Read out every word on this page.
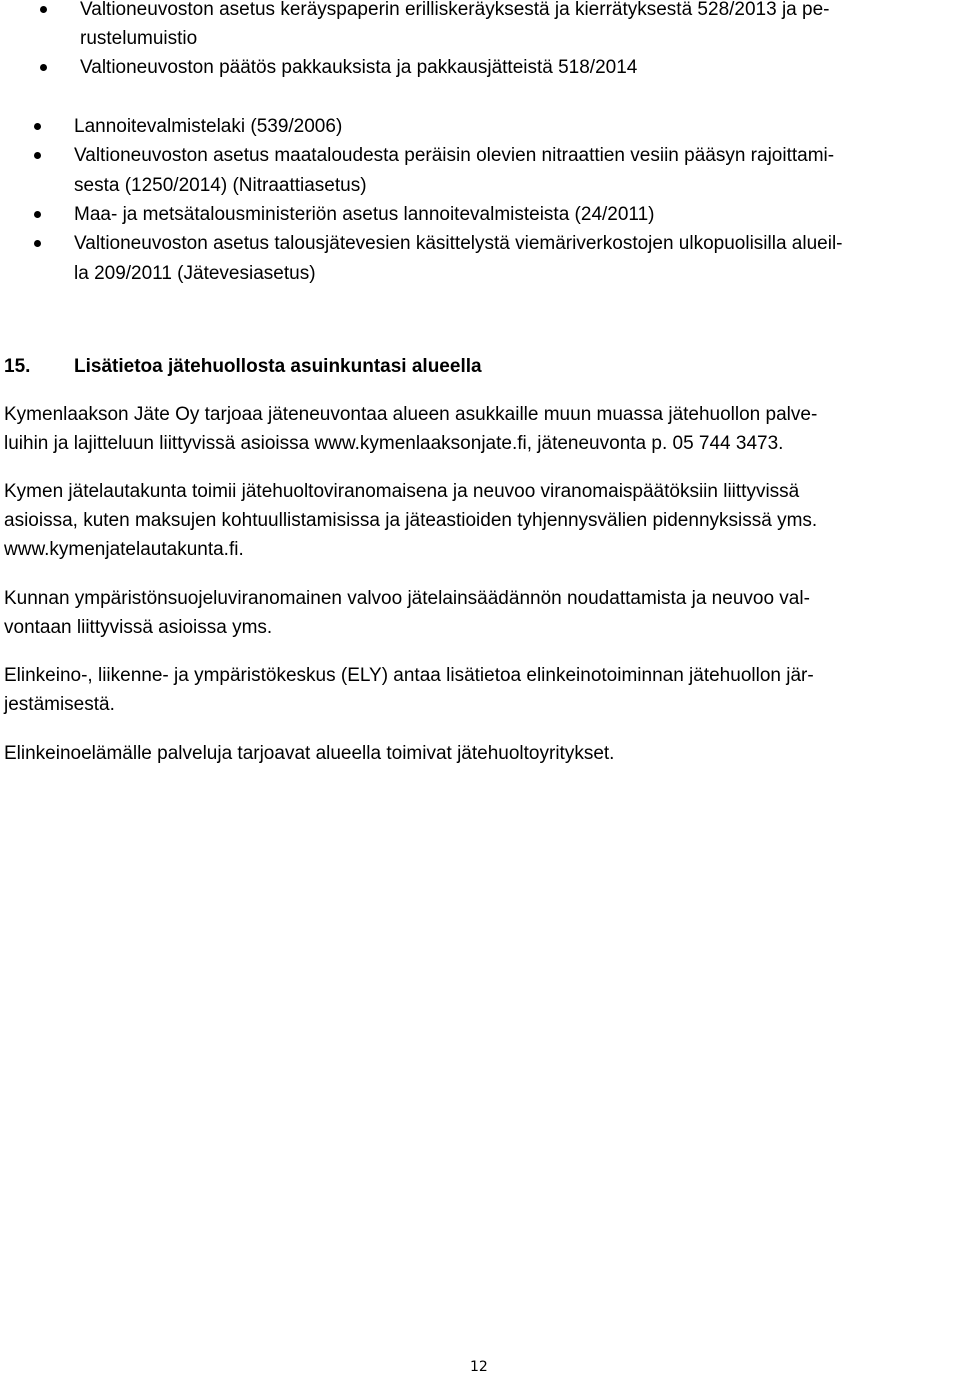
Valtioneuvoston asetus keräyspaperin erilliskeräyksestä ja kierrätyksestä 528/2013 ja pe-
rustelumuistio
Valtioneuvoston päätös pakkauksista ja pakkausjätteistä 518/2014
Lannoitevalmistelaki (539/2006)
Valtioneuvoston asetus maataloudesta peräisin olevien nitraattien vesiin pääsyn rajoittami-
sesta (1250/2014) (Nitraattiasetus)
Maa- ja metsätalousministeriön asetus lannoitevalmisteista (24/2011)
Valtioneuvoston asetus talousjätevesien käsittelystä viemäriverkostojen ulkopuolisilla alueil-
la 209/2011 (Jätevesiasetus)
15. Lisätietoa jätehuollosta asuinkuntasi alueella
Kymenlaakson Jäte Oy tarjoaa jäteneuvontaa alueen asukkaille muun muassa jätehuollon palve-
luihin ja lajitteluun liittyvissä asioissa www.kymenlaaksonjate.fi, jäteneuvonta p. 05 744 3473.
Kymen jätelautakunta toimii jätehuoltoviranomaisena ja neuvoo viranomaispäätöksiin liittyvissä
asioissa, kuten maksujen kohtuullistamisissa ja jäteastioiden tyhjennysvälien pidennyksissä yms.
www.kymenjatelautakunta.fi.
Kunnan ympäristönsuojeluviranomainen valvoo jätelainsäädännön noudattamista ja neuvoo val-
vontaan liittyvissä asioissa yms.
Elinkeino-, liikenne- ja ympäristökeskus (ELY) antaa lisätietoa elinkeinotoiminnan jätehuollon jär-
jestämisestä.
Elinkeinoelämälle palveluja tarjoavat alueella toimivat jätehuoltoyritykset.
12
